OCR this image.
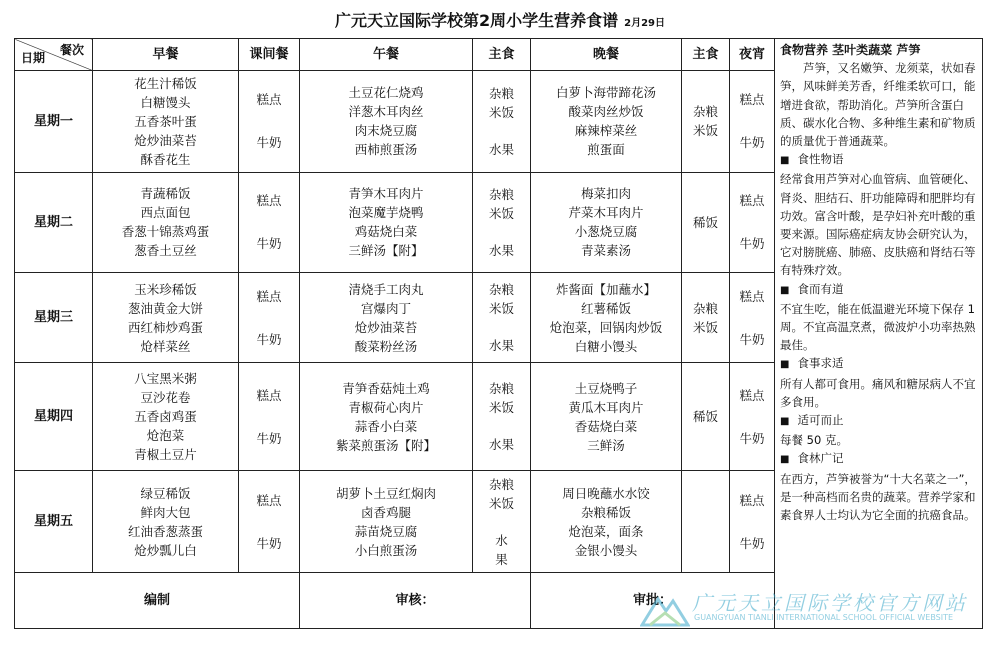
广元天立国际学校第2周小学生营养食谱 2月29日
餐次
日期	早餐	课间餐	午餐	主食	晚餐	主食	夜宵
星期一	花生汁稀饭
白糖馒头
五香茶叶蛋
炝炒油菜苔
酥香花生	糕点
牛奶	土豆花仁烧鸡
洋葱木耳肉丝
肉末烧豆腐
西柿煎蛋汤	杂粮
米饭
水果	白萝卜海带蹄花汤
酸菜肉丝炒饭
麻辣榨菜丝
煎蛋面	杂粮
米饭	糕点
牛奶

星期二	青蔬稀饭
西点面包
香葱十锦蒸鸡蛋
葱香土豆丝	糕点
牛奶	青笋木耳肉片
泡菜魔芋烧鸭
鸡菇烧白菜
三鲜汤【附】	杂粮
米饭
水果	梅菜扣肉
芹菜木耳肉片
小葱烧豆腐
青菜素汤	稀饭	糕点
牛奶

星期三	玉米珍稀饭
葱油黄金大饼
西红柿炒鸡蛋
炝样菜丝	糕点
牛奶	清烧手工肉丸
宫爆肉丁
炝炒油菜苔
酸菜粉丝汤	杂粮
米饭
水果	炸酱面【加蘸水】
红薯稀饭
炝泡菜，回锅肉炒饭
白糖小馒头	杂粮
米饭	糕点
牛奶

星期四	八宝黑米粥
豆沙花卷
五香卤鸡蛋
炝泡菜
青椒土豆片	糕点
牛奶	青笋香菇炖土鸡
青椒荷心肉片
蒜香小白菜
紫菜煎蛋汤【附】	杂粮
米饭
水果	土豆烧鸭子
黄瓜木耳肉片
香菇烧白菜
三鲜汤	稀饭	糕点
牛奶

星期五	绿豆稀饭
鲜肉大包
红油香葱蒸蛋
炝炒瓢儿白	糕点
牛奶	胡萝卜土豆红焖肉
卤香鸡腿
蒜苗烧豆腐
小白煎蛋汤	杂粮
米饭
水
果	周日晚蘸水水饺
杂粮稀饭
炝泡菜，面条
金银小馒头		糕点
牛奶

编制			审核：		审批：		

食物营养 茎叶类蔬菜 芦笋

芦笋，又名嫩笋、龙须菜，状如春笋，风味鲜美芳香，纤维柔软可口，能增进食欲，帮助消化。芦笋所含蛋白质、碳水化合物、多种维生素和矿物质的质量优于普通蔬菜。

■ 食性物语

经常食用芦笋对心血管病、血管硬化、肾炎、胆结石、肝功能障碍和肥胖均有功效。富含叶酸，是孕妇补充叶酸的重要来源。国际癌症病友协会研究认为，它对膀胱癌、肺癌、皮肤癌和肾结石等有特殊疗效。

■ 食而有道

不宜生吃，能在低温避光环境下保存 1 周。不宜高温烹煮，微波炉小功率热熟最佳。

■ 食事求适

所有人都可食用。痛风和糖尿病人不宜多食用。

■ 适可而止

每餐 50 克。

■ 食林广记

在西方，芦笋被誉为“十大名菜之一”，是一种高档而名贵的蔬菜。营养学家和素食界人士均认为它全面的抗癌食品。

广元天立国际学校官方网站
GUANGYUAN TIANLI INTERNATIONAL SCHOOL OFFICIAL WEBSITE
